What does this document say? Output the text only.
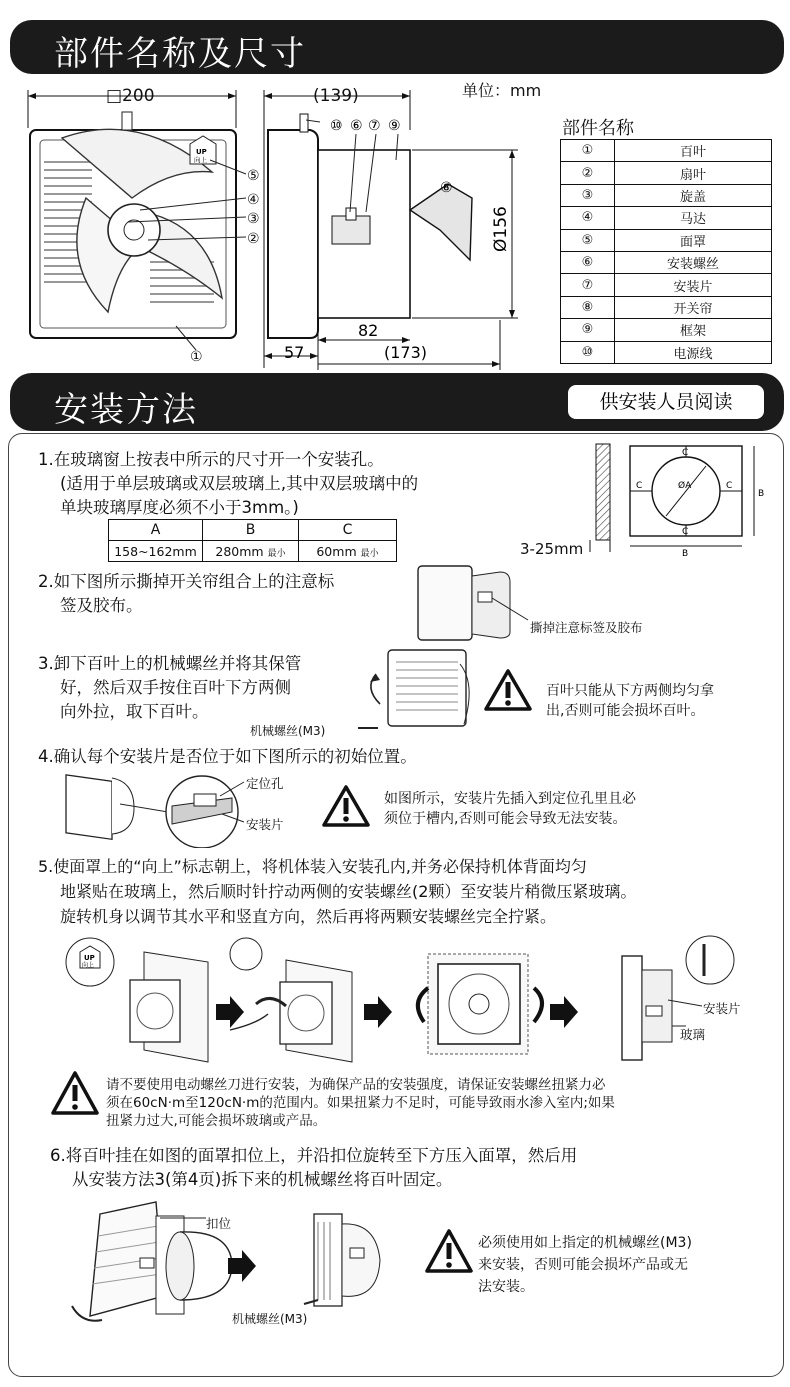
部件名称及尺寸
单位：mm
UP
向上
⑤
④
③
②
①
Ø156
82
57	(173)
⑩ ⑥ ⑦ ⑨
⑧
□200	(139)
部件名称
①	百叶
②	扇叶
③	旋盖
④	马达
⑤	面罩
⑥	安装螺丝
⑦	安装片
⑧	开关帘
⑨	框架
⑩	电源线
安装方法	供安装人员阅读
1.在玻璃窗上按表中所示的尺寸开一个安装孔。
(适用于单层玻璃或双层玻璃上,其中双层玻璃中的
单块玻璃厚度必须不小于3mm。)
A	B	C
158~162mm	280mm 最小	60mm 最小
C
C
C	C
ØA
B
B
3-25mm
2.如下图所示撕掉开关帘组合上的注意标
签及胶布。
撕掉注意标签及胶布
3.卸下百叶上的机械螺丝并将其保管
好，然后双手按住百叶下方两侧
向外拉，取下百叶。
机械螺丝(M3)
百叶只能从下方两侧均匀拿
出,否则可能会损坏百叶。
4.确认每个安装片是否位于如下图所示的初始位置。
定位孔
安装片
如图所示，安装片先插入到定位孔里且必
须位于槽内,否则可能会导致无法安装。
5.使面罩上的“向上”标志朝上，将机体装入安装孔内,并务必保持机体背面均匀
地紧贴在玻璃上，然后顺时针拧动两侧的安装螺丝(2颗）至安装片稍微压紧玻璃。
旋转机身以调节其水平和竖直方向，然后再将两颗安装螺丝完全拧紧。
UP
向上
安装片
玻璃
请不要使用电动螺丝刀进行安装，为确保产品的安装强度，请保证安装螺丝扭紧力必
须在60cN·m至120cN·m的范围内。如果扭紧力不足时，可能导致雨水渗入室内;如果
扭紧力过大,可能会损坏玻璃或产品。
6.将百叶挂在如图的面罩扣位上，并沿扣位旋转至下方压入面罩，然后用
从安装方法3(第4页)拆下来的机械螺丝将百叶固定。
扣位
机械螺丝(M3)
必须使用如上指定的机械螺丝(M3)
来安装，否则可能会损坏产品或无
法安装。
